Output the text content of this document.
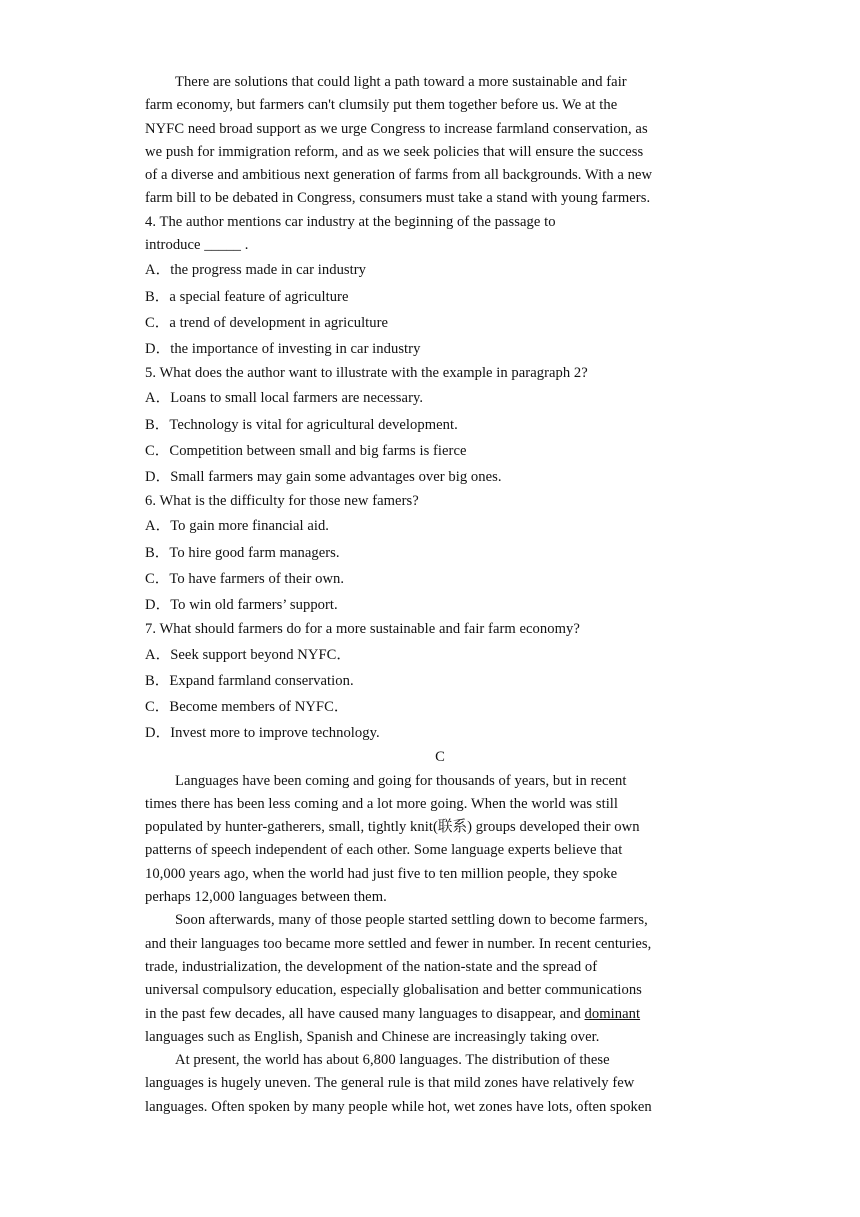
There are solutions that could light a path toward a more sustainable and fair
farm economy, but farmers can't clumsily put them together before us. We at the
NYFC need broad support as we urge Congress to increase farmland conservation, as
we push for immigration reform, and as we seek policies that will ensure the success
of a diverse and ambitious next generation of farms from all backgrounds. With a new
farm bill to be debated in Congress, consumers must take a stand with young farmers.
4. The author mentions car industry at the beginning of the passage to
introduce _____ .
A．the progress made in car industry
B．a special feature of agriculture
C．a trend of development in agriculture
D．the importance of investing in car industry
5. What does the author want to illustrate with the example in paragraph 2?
A．Loans to small local farmers are necessary.
B．Technology is vital for agricultural development.
C．Competition between small and big farms is fierce
D．Small farmers may gain some advantages over big ones.
6. What is the difficulty for those new famers?
A．To gain more financial aid.
B．To hire good farm managers.
C．To have farmers of their own.
D．To win old farmers’ support.
7. What should farmers do for a more sustainable and fair farm economy?
A．Seek support beyond NYFC．
B．Expand farmland conservation.
C．Become members of NYFC．
D．Invest more to improve technology.
C
Languages have been coming and going for thousands of years, but in recent
times there has been less coming and a lot more going. When the world was still
populated by hunter-gatherers, small, tightly knit(联系) groups developed their own
patterns of speech independent of each other. Some language experts believe that
10,000 years ago, when the world had just five to ten million people, they spoke
perhaps 12,000 languages between them.
Soon afterwards, many of those people started settling down to become farmers,
and their languages too became more settled and fewer in number. In recent centuries,
trade, industrialization, the development of the nation-state and the spread of
universal compulsory education, especially globalisation and better communications
in the past few decades, all have caused many languages to disappear, and dominant
languages such as English, Spanish and Chinese are increasingly taking over.
At present, the world has about 6,800 languages. The distribution of these
languages is hugely uneven. The general rule is that mild zones have relatively few
languages. Often spoken by many people while hot, wet zones have lots, often spoken
